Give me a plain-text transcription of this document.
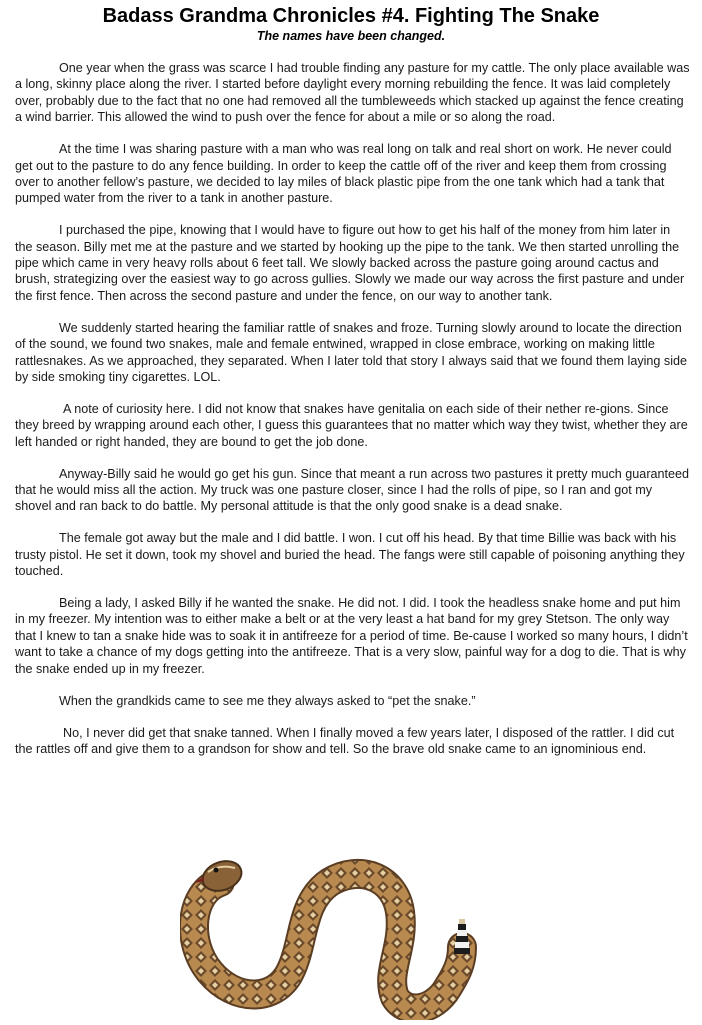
Badass Grandma Chronicles #4. Fighting The Snake
The names have been changed.

One year when the grass was scarce I had trouble finding any pasture for my cattle. The only place available was a long, skinny place along the river. I started before daylight every morning rebuilding the fence. It was laid completely over, probably due to the fact that no one had removed all the tumbleweeds which stacked up against the fence creating a wind barrier. This allowed the wind to push over the fence for about a mile or so along the road.

At the time I was sharing pasture with a man who was real long on talk and real short on work. He never could get out to the pasture to do any fence building. In order to keep the cattle off of the river and keep them from crossing over to another fellow’s pasture, we decided to lay miles of black plastic pipe from the one tank which had a tank that pumped water from the river to a tank in another pasture.

I purchased the pipe, knowing that I would have to figure out how to get his half of the money from him later in the season. Billy met me at the pasture and we started by hooking up the pipe to the tank. We then started unrolling the pipe which came in very heavy rolls about 6 feet tall. We slowly backed across the pasture going around cactus and brush, strategizing over the easiest way to go across gullies. Slowly we made our way across the first pasture and under the first fence. Then across the second pasture and under the fence, on our way to another tank.

We suddenly started hearing the familiar rattle of snakes and froze. Turning slowly around to locate the direction of the sound, we found two snakes, male and female entwined, wrapped in close embrace, working on making little rattlesnakes. As we approached, they separated. When I later told that story I always said that we found them laying side by side smoking tiny cigarettes. LOL.

A note of curiosity here. I did not know that snakes have genitalia on each side of their nether re-gions. Since they breed by wrapping around each other, I guess this guarantees that no matter which way they twist, whether they are left handed or right handed, they are bound to get the job done.

Anyway-Billy said he would go get his gun. Since that meant a run across two pastures it pretty much guaranteed that he would miss all the action. My truck was one pasture closer, since I had the rolls of pipe, so I ran and got my shovel and ran back to do battle. My personal attitude is that the only good snake is a dead snake.

The female got away but the male and I did battle. I won. I cut off his head. By that time Billie was back with his trusty pistol. He set it down, took my shovel and buried the head. The fangs were still capable of poisoning anything they touched.

Being a lady, I asked Billy if he wanted the snake. He did not. I did. I took the headless snake home and put him in my freezer. My intention was to either make a belt or at the very least a hat band for my grey Stetson. The only way that I knew to tan a snake hide was to soak it in antifreeze for a period of time. Be-cause I worked so many hours, I didn’t want to take a chance of my dogs getting into the antifreeze. That is a very slow, painful way for a dog to die. That is why the snake ended up in my freezer.

When the grandkids came to see me they always asked to “pet the snake.”

No, I never did get that snake tanned. When I finally moved a few years later, I disposed of the rattler. I did cut the rattles off and give them to a grandson for show and tell. So the brave old snake came to an ignominious end.
